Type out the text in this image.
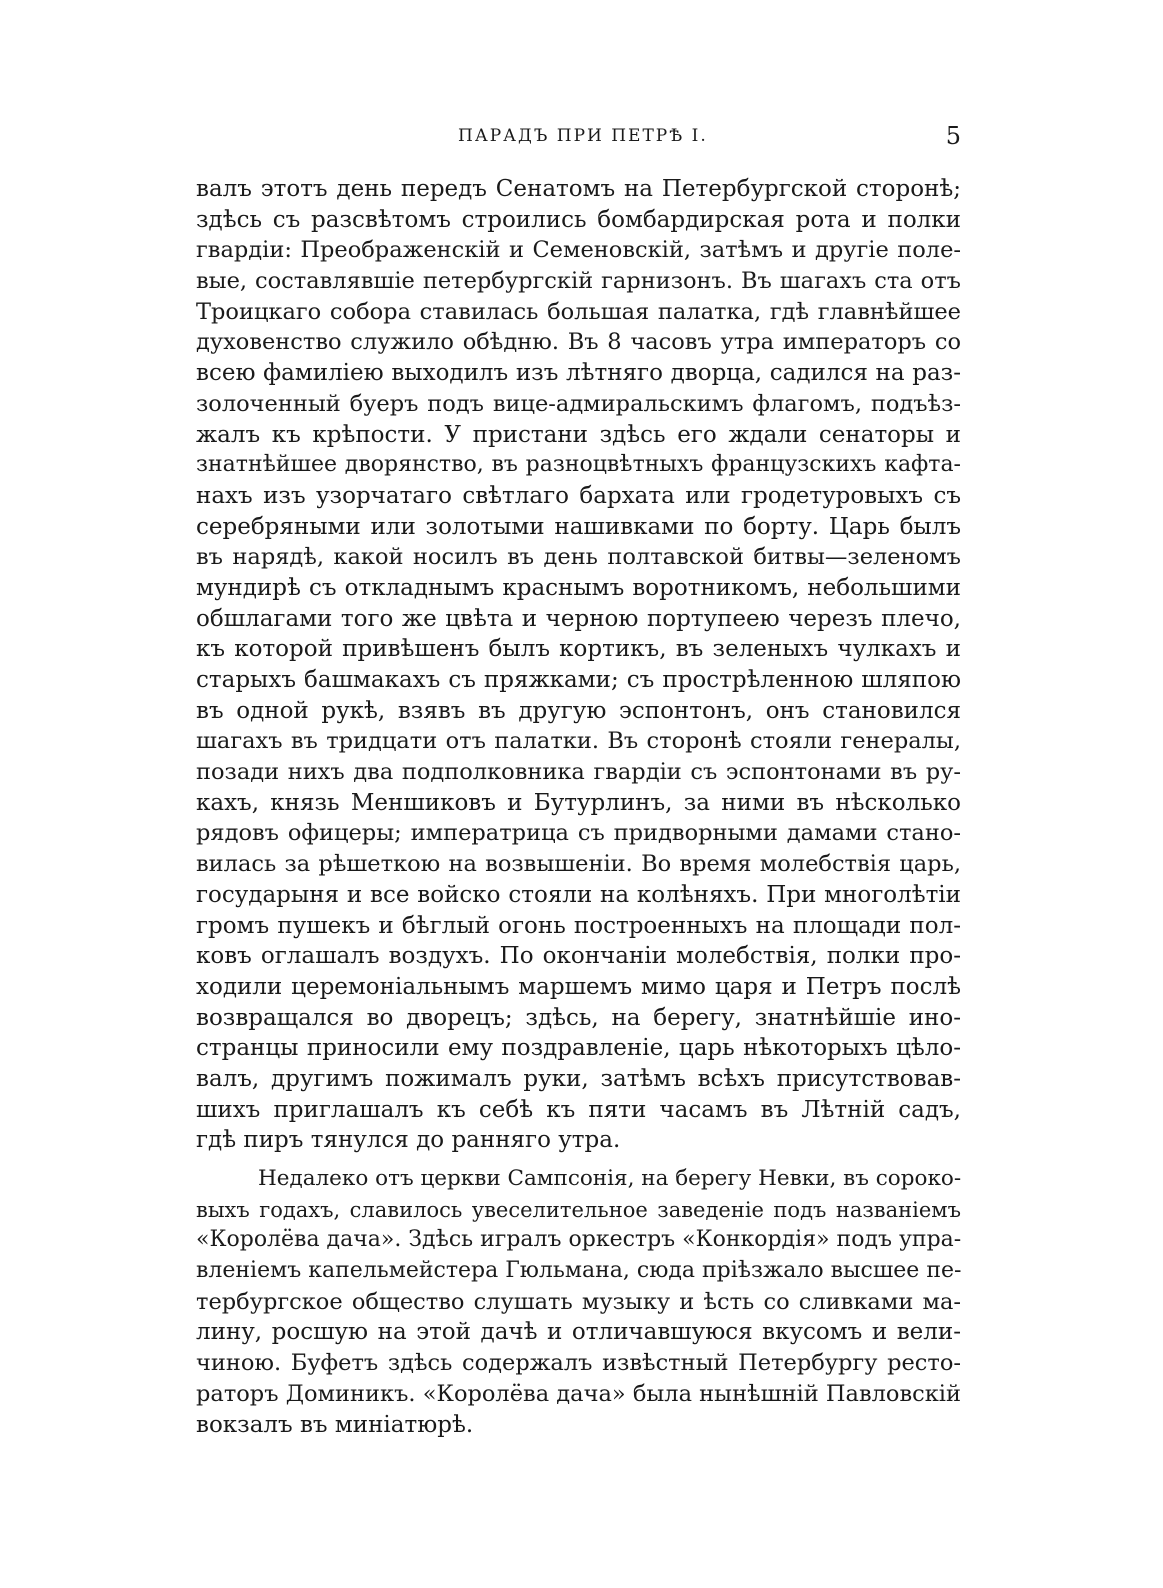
ПАРАДЪ ПРИ ПЕТРѢ I.	5
валъ этотъ день передъ Сенатомъ на Петербургской сторонѣ;
здѣсь съ разсвѣтомъ строились бомбардирская рота и полки
гвардіи: Преображенскій и Семеновскій, затѣмъ и другіе поле-
вые, составлявшіе петербургскій гарнизонъ. Въ шагахъ ста отъ
Троицкаго собора ставилась большая палатка, гдѣ главнѣйшее
духовенство служило обѣдню. Въ 8 часовъ утра императоръ со
всею фамиліею выходилъ изъ лѣтняго дворца, садился на раз-
золоченный буеръ подъ вице-адмиральскимъ флагомъ, подъѣз-
жалъ къ крѣпости. У пристани здѣсь его ждали сенаторы и
знатнѣйшее дворянство, въ разноцвѣтныхъ французскихъ кафта-
нахъ изъ узорчатаго свѣтлаго бархата или гродетуровыхъ съ
серебряными или золотыми нашивками по борту. Царь былъ
въ нарядѣ, какой носилъ въ день полтавской битвы—зеленомъ
мундирѣ съ откладнымъ краснымъ воротникомъ, небольшими
обшлагами того же цвѣта и черною портупеею черезъ плечо,
къ которой привѣшенъ былъ кортикъ, въ зеленыхъ чулкахъ и
старыхъ башмакахъ съ пряжками; съ прострѣленною шляпою
въ одной рукѣ, взявъ въ другую эспонтонъ, онъ становился
шагахъ въ тридцати отъ палатки. Въ сторонѣ стояли генералы,
позади нихъ два подполковника гвардіи съ эспонтонами въ ру-
кахъ, князь Меншиковъ и Бутурлинъ, за ними въ нѣсколько
рядовъ офицеры; императрица съ придворными дамами стано-
вилась за рѣшеткою на возвышеніи. Во время молебствія царь,
государыня и все войско стояли на колѣняхъ. При многолѣтіи
громъ пушекъ и бѣглый огонь построенныхъ на площади пол-
ковъ оглашалъ воздухъ. По окончаніи молебствія, полки про-
ходили церемоніальнымъ маршемъ мимо царя и Петръ послѣ
возвращался во дворецъ; здѣсь, на берегу, знатнѣйшіе ино-
странцы приносили ему поздравленіе, царь нѣкоторыхъ цѣло-
валъ, другимъ пожималъ руки, затѣмъ всѣхъ присутствовав-
шихъ приглашалъ къ себѣ къ пяти часамъ въ Лѣтній садъ,
гдѣ пиръ тянулся до ранняго утра.
Недалеко отъ церкви Сампсонія, на берегу Невки, въ сороко-
выхъ годахъ, славилось увеселительное заведеніе подъ названіемъ
«Королёва дача». Здѣсь игралъ оркестръ «Конкордія» подъ упра-
вленіемъ капельмейстера Гюльмана, сюда пріѣзжало высшее пе-
тербургское общество слушать музыку и ѣсть со сливками ма-
лину, росшую на этой дачѣ и отличавшуюся вкусомъ и вели-
чиною. Буфетъ здѣсь содержалъ извѣстный Петербургу ресто-
раторъ Доминикъ. «Королёва дача» была нынѣшній Павловскій
вокзалъ въ миніатюрѣ.
